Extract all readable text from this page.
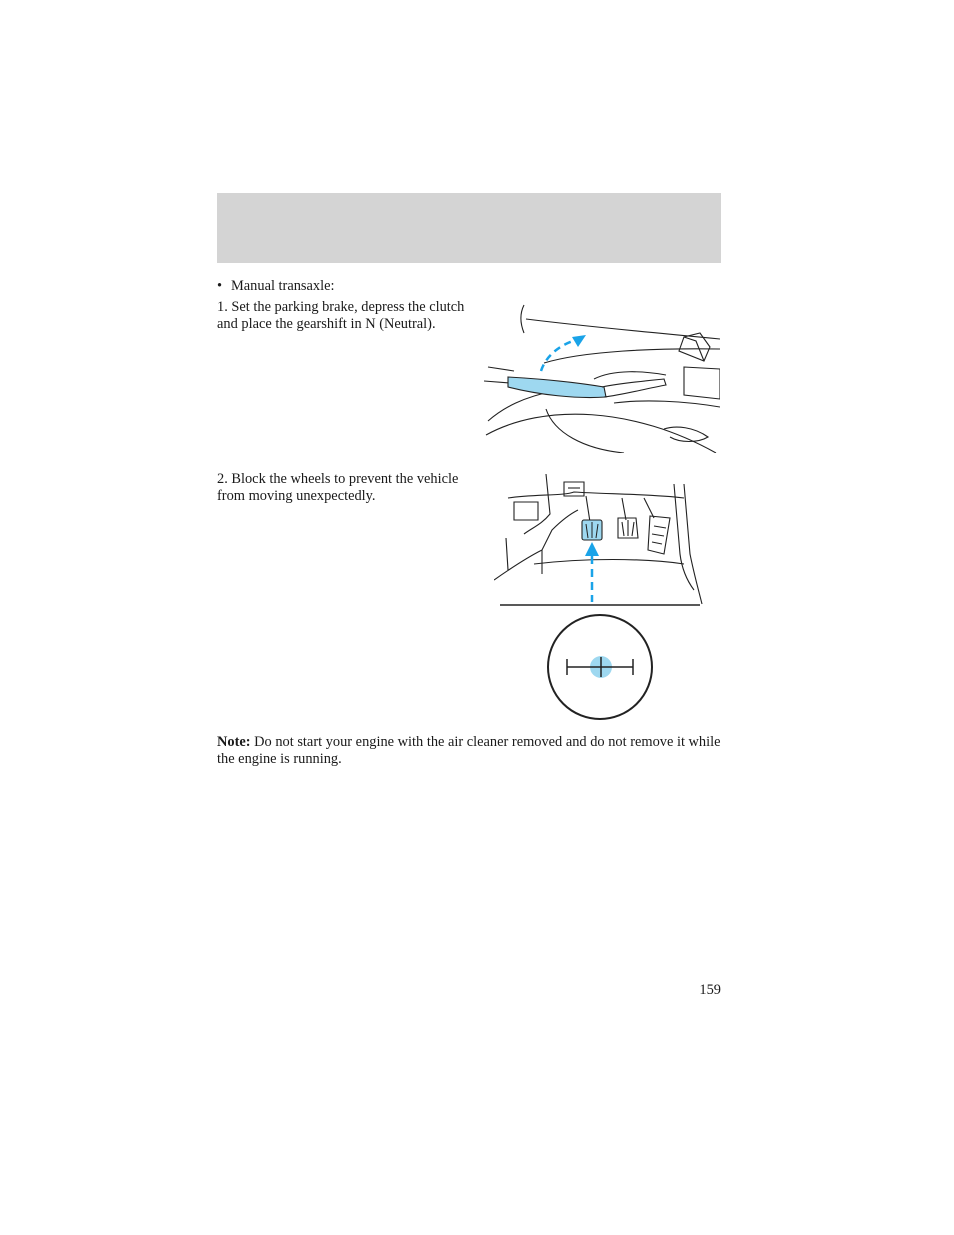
• Manual transaxle:
1. Set the parking brake, depress the clutch and place the gearshift in N (Neutral).
2. Block the wheels to prevent the vehicle from moving unexpectedly.
Note: Do not start your engine with the air cleaner removed and do not remove it while the engine is running.
159
